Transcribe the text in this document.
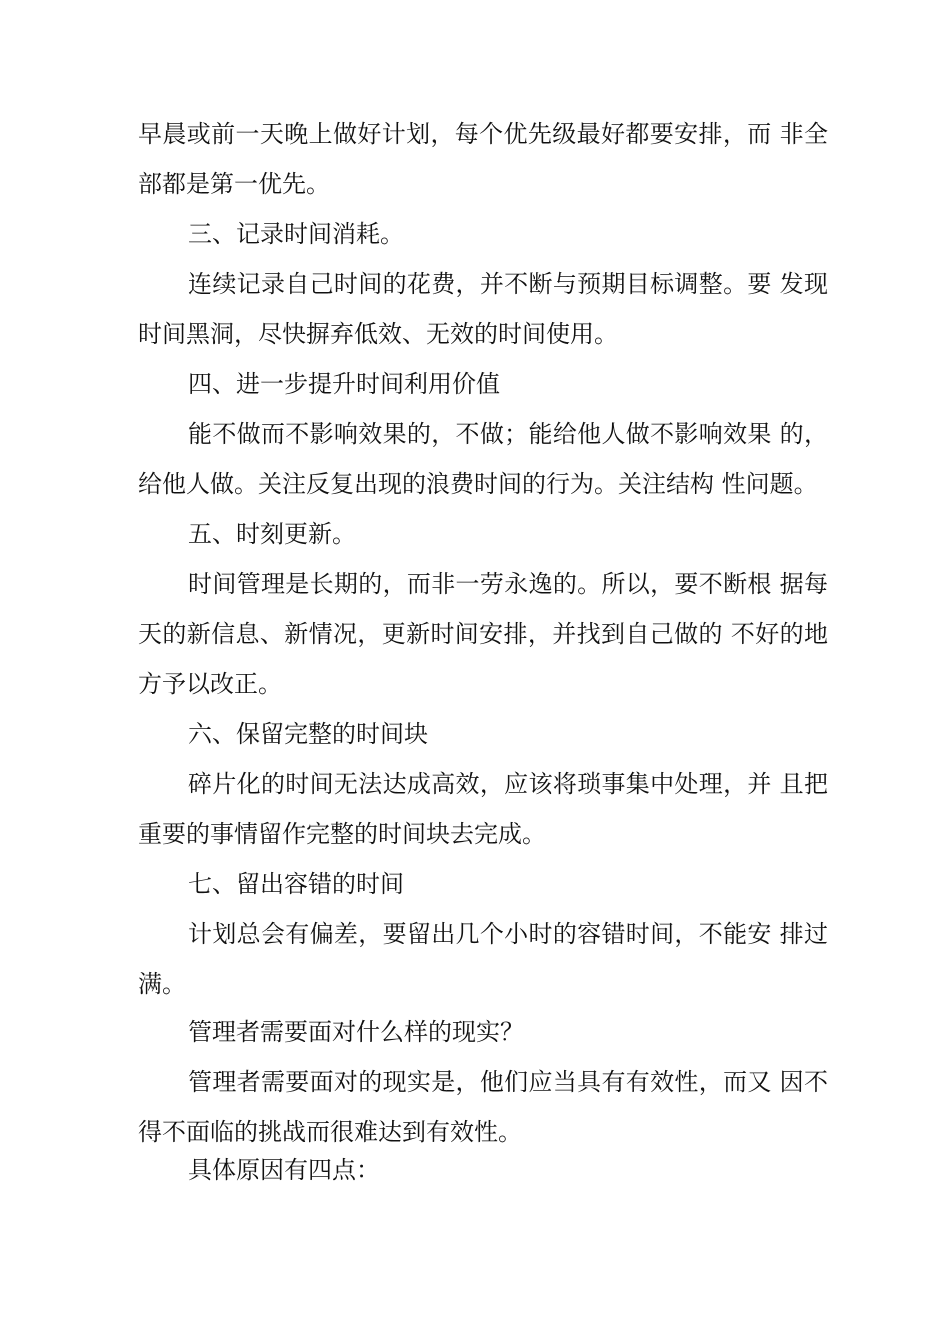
早晨或前一天晚上做好计划，每个优先级最好都要安排，而 非全

部都是第一优先。

三、记录时间消耗。

连续记录自己时间的花费，并不断与预期目标调整。要 发现

时间黑洞，尽快摒弃低效、无效的时间使用。

四、进一步提升时间利用价值

能不做而不影响效果的，不做；能给他人做不影响效果 的，

给他人做。关注反复出现的浪费时间的行为。关注结构 性问题。

五、时刻更新。

时间管理是长期的，而非一劳永逸的。所以，要不断根 据每

天的新信息、新情况，更新时间安排，并找到自己做的 不好的地

方予以改正。

六、保留完整的时间块

碎片化的时间无法达成高效，应该将琐事集中处理，并 且把

重要的事情留作完整的时间块去完成。

七、留出容错的时间

计划总会有偏差，要留出几个小时的容错时间，不能安 排过

满。

管理者需要面对什么样的现实？

管理者需要面对的现实是，他们应当具有有效性，而又 因不

得不面临的挑战而很难达到有效性。

具体原因有四点：
